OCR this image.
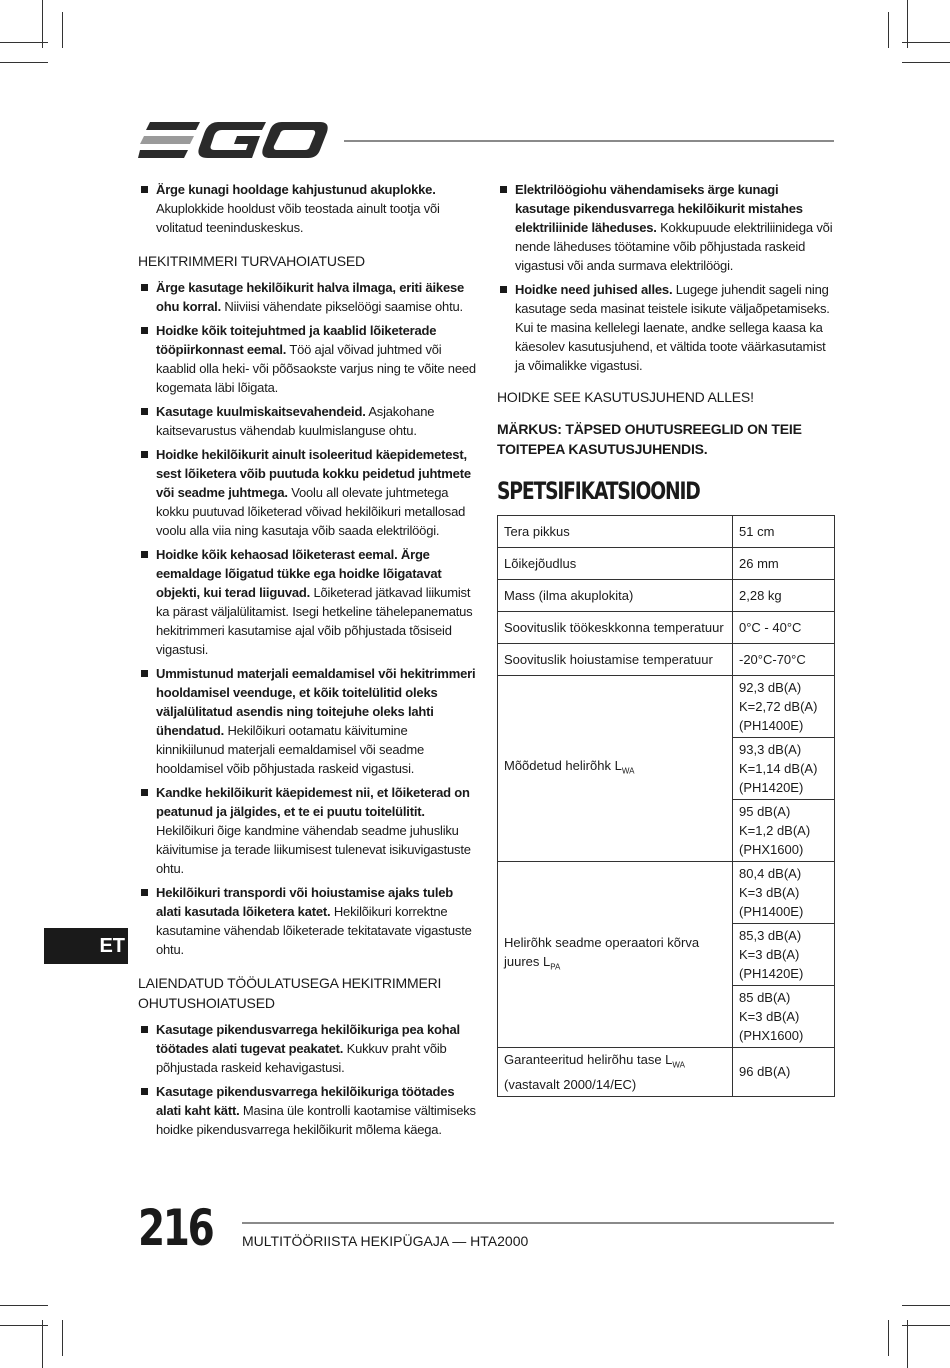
Ärge kunagi hooldage kahjustunud akuplokke. Akuplokkide hooldust võib teostada ainult tootja või volitatud teeninduskeskus.
HEKITRIMMERI TURVAHOIATUSED
Ärge kasutage hekilõikurit halva ilmaga, eriti äikese ohu korral. Niiviisi vähendate pikselöögi saamise ohtu.
Hoidke kõik toitejuhtmed ja kaablid lõiketerade tööpiirkonnast eemal. Töö ajal võivad juhtmed või kaablid olla heki- või põõsaokste varjus ning te võite need kogemata läbi lõigata.
Kasutage kuulmiskaitsevahendeid. Asjakohane kaitsevarustus vähendab kuulmislanguse ohtu.
Hoidke hekilõikurit ainult isoleeritud käepidemetest, sest lõiketera võib puutuda kokku peidetud juhtmete või seadme juhtmega. Voolu all olevate juhtmetega kokku puutuvad lõiketerad võivad hekilõikuri metallosad voolu alla viia ning kasutaja võib saada elektrilöögi.
Hoidke kõik kehaosad lõiketerast eemal. Ärge eemaldage lõigatud tükke ega hoidke lõigatavat objekti, kui terad liiguvad. Lõiketerad jätkavad liikumist ka pärast väljalülitamist. Isegi hetkeline tähelepanematus hekitrimmeri kasutamise ajal võib põhjustada tõsiseid vigastusi.
Ummistunud materjali eemaldamisel või hekitrimmeri hooldamisel veenduge, et kõik toitelülitid oleks väljalülitatud asendis ning toitejuhe oleks lahti ühendatud. Hekilõikuri ootamatu käivitumine kinnikiilunud materjali eemaldamisel või seadme hooldamisel võib põhjustada raskeid vigastusi.
Kandke hekilõikurit käepidemest nii, et lõiketerad on peatunud ja jälgides, et te ei puutu toitelülitit. Hekilõikuri õige kandmine vähendab seadme juhusliku käivitumise ja terade liikumisest tulenevat isikuvigastuste ohtu.
Hekilõikuri transpordi või hoiustamise ajaks tuleb alati kasutada lõiketera katet. Hekilõikuri korrektne kasutamine vähendab lõiketerade tekitatavate vigastuste ohtu.
LAIENDATUD TÖÖULATUSEGA HEKITRIMMERI OHUTUSHOIATUSED
Kasutage pikendusvarrega hekilõikuriga pea kohal töötades alati tugevat peakatet. Kukkuv praht võib põhjustada raskeid kehavigastusi.
Kasutage pikendusvarrega hekilõikuriga töötades alati kaht kätt. Masina üle kontrolli kaotamise vältimiseks hoidke pikendusvarrega hekilõikurit mõlema käega.
Elektrilöögiohu vähendamiseks ärge kunagi kasutage pikendusvarrega hekilõikurit mistahes elektriliinide läheduses. Kokkupuude elektriliinidega või nende läheduses töötamine võib põhjustada raskeid vigastusi või anda surmava elektrilöögi.
Hoidke need juhised alles. Lugege juhendit sageli ning kasutage seda masinat teistele isikute väljaõpetamiseks. Kui te masina kellelegi laenate, andke sellega kaasa ka käesolev kasutusjuhend, et vältida toote väärkasutamist ja võimalikke vigastusi.
HOIDKE SEE KASUTUSJUHEND ALLES!
MÄRKUS: TÄPSED OHUTUSREEGLID ON TEIE TOITEPEA KASUTUSJUHENDIS.
SPETSIFIKATSIOONID
Tera pikkus	51 cm
Lõikejõudlus	26 mm
Mass (ilma akuplokita)	2,28 kg
Soovituslik töökeskkonna temperatuur	0°C - 40°C
Soovituslik hoiustamise temperatuur	-20°C-70°C
Mõõdetud helirõhk $L_{WA}$	92,3 dB(A)
K=2,72 dB(A)
(PH1400E)

	93,3 dB(A)
K=1,14 dB(A)
(PH1420E)

	95 dB(A)
K=1,2 dB(A)
(PHX1600)

Helirõhk seadme operaatori kõrva juures $L_{PA}$	80,4 dB(A)
K=3 dB(A)
(PH1400E)

	85,3 dB(A)
K=3 dB(A)
(PH1420E)

	85 dB(A)
K=3 dB(A)
(PHX1600)

Garanteeritud helirõhu tase $L_{WA}$
(vastavalt 2000/14/EC)	96 dB(A)
ET
216 MULTITÖÖRIISTA HEKIPÜGAJA — HTA2000
